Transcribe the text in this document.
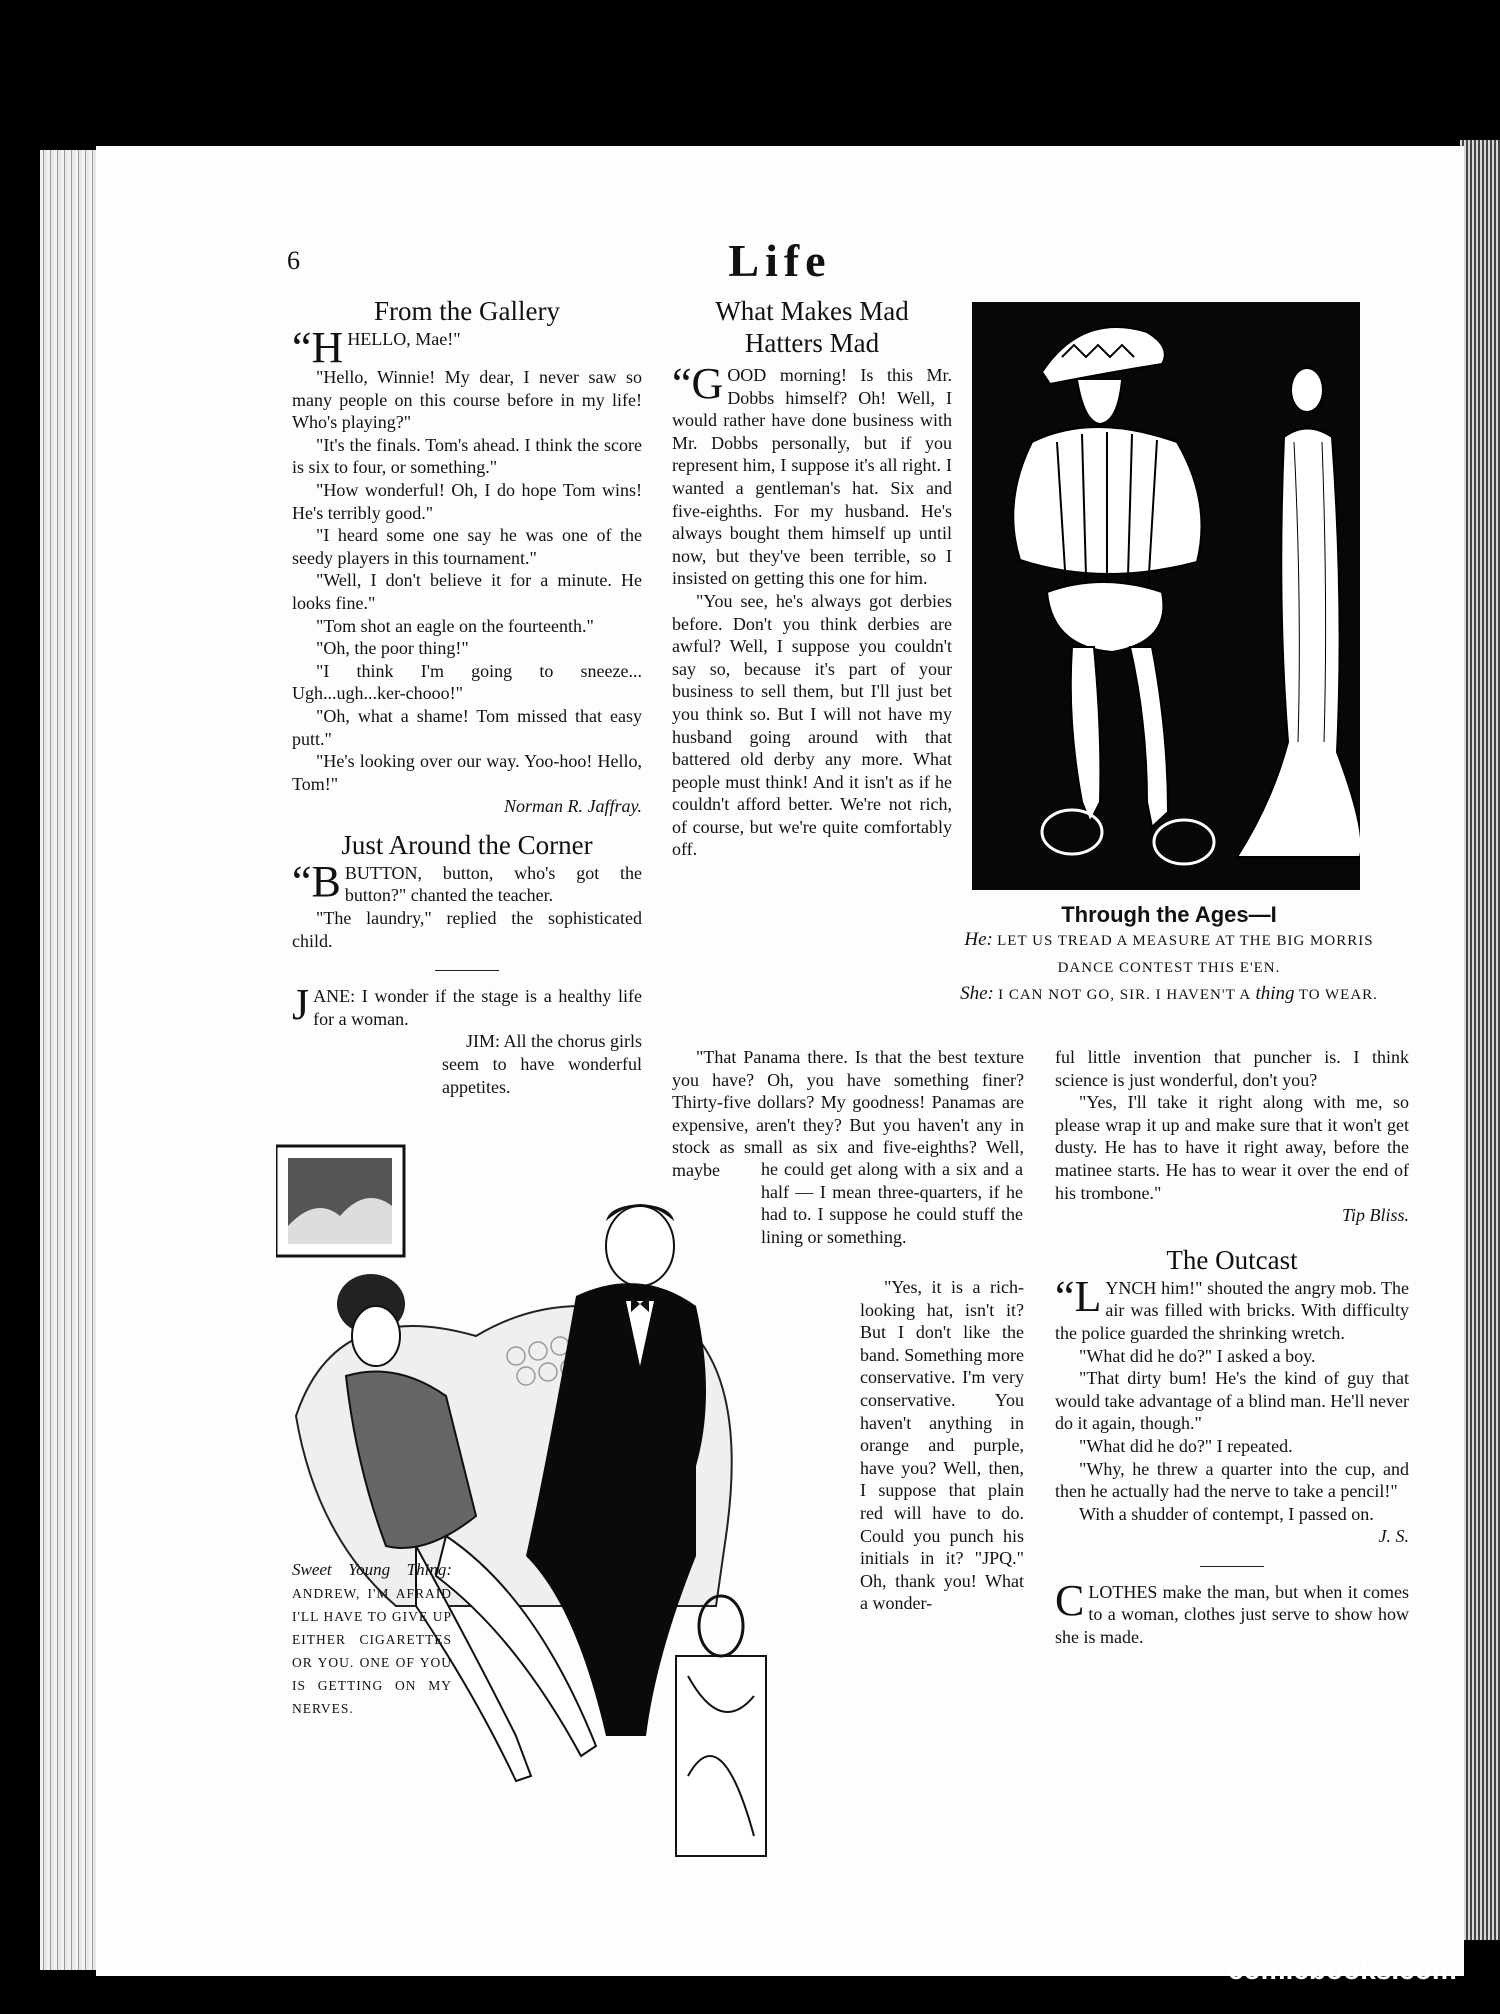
6	Life
From the Gallery

“HHELLO, Mae!"

"Hello, Winnie! My dear, I never saw so many people on this course before in my life! Who's playing?"

"It's the finals. Tom's ahead. I think the score is six to four, or something."

"How wonderful! Oh, I do hope Tom wins! He's terribly good."

"I heard some one say he was one of the seedy players in this tournament."

"Well, I don't believe it for a minute. He looks fine."

"Tom shot an eagle on the fourteenth."

"Oh, the poor thing!"

"I think I'm going to sneeze... Ugh...ugh...ker-chooo!"

"Oh, what a shame! Tom missed that easy putt."

"He's looking over our way. Yoo-hoo! Hello, Tom!"

Norman R. Jaffray.

Just Around the Corner

“BBUTTON, button, who's got the button?" chanted the teacher.

"The laundry," replied the sophisticated child.

JANE: I wonder if the stage is a healthy life for a woman.

JIM: All the chorus girls seem to have wonderful appetites.

What Makes Mad
Hatters Mad

“GOOD morning! Is this Mr. Dobbs himself? Oh! Well, I would rather have done business with Mr. Dobbs personally, but if you represent him, I suppose it's all right. I wanted a gentleman's hat. Six and five-eighths. For my husband. He's always bought them himself up until now, but they've been terrible, so I insisted on getting this one for him.

"You see, he's always got derbies before. Don't you think derbies are awful? Well, I suppose you couldn't say so, because it's part of your business to sell them, but I'll just bet you think so. But I will not have my husband going around with that battered old derby any more. What people must think! And it isn't as if he couldn't afford better. We're not rich, of course, but we're quite comfortably off.

"That Panama there. Is that the best texture you have? Oh, you have something finer? Thirty-five dollars? My goodness! Panamas are expensive, aren't they? But you haven't any in stock as small as six and five-eighths? Well, maybe	he could get along with a six and a half — I mean three-quarters, if he had to. I suppose he could stuff the lining or something.

"Yes, it is a rich-looking hat, isn't it? But I don't like the band. Something more conservative. I'm very conservative. You haven't anything in orange and purple, have you? Well, then, I suppose that plain red will have to do. Could you punch his initials in it? "JPQ." Oh, thank you! What a wonder-

ful little invention that puncher is. I think science is just wonderful, don't you?

"Yes, I'll take it right along with me, so please wrap it up and make sure that it won't get dusty. He has to have it right away, before the matinee starts. He has to wear it over the end of his trombone."

Tip Bliss.

The Outcast

“LYNCH him!" shouted the angry mob. The air was filled with bricks. With difficulty the police guarded the shrinking wretch.

"What did he do?" I asked a boy.

"That dirty bum! He's the kind of guy that would take advantage of a blind man. He'll never do it again, though."

"What did he do?" I repeated.

"Why, he threw a quarter into the cup, and then he actually had the nerve to take a pencil!"

With a shudder of contempt, I passed on.

J. S.

CLOTHES make the man, but when it comes to a woman, clothes just serve to show how she is made.

Through the Ages—I
He: LET US TREAD A MEASURE AT THE BIG MORRIS DANCE CONTEST THIS E'EN.
She: I CAN NOT GO, SIR. I HAVEN'T A thing TO WEAR.
Sweet Young Thing: ANDREW, I'M AFRAID I'LL HAVE TO GIVE UP EITHER CIGARETTES OR YOU. ONE OF YOU IS GETTING ON MY NERVES.
comicbooks.com
